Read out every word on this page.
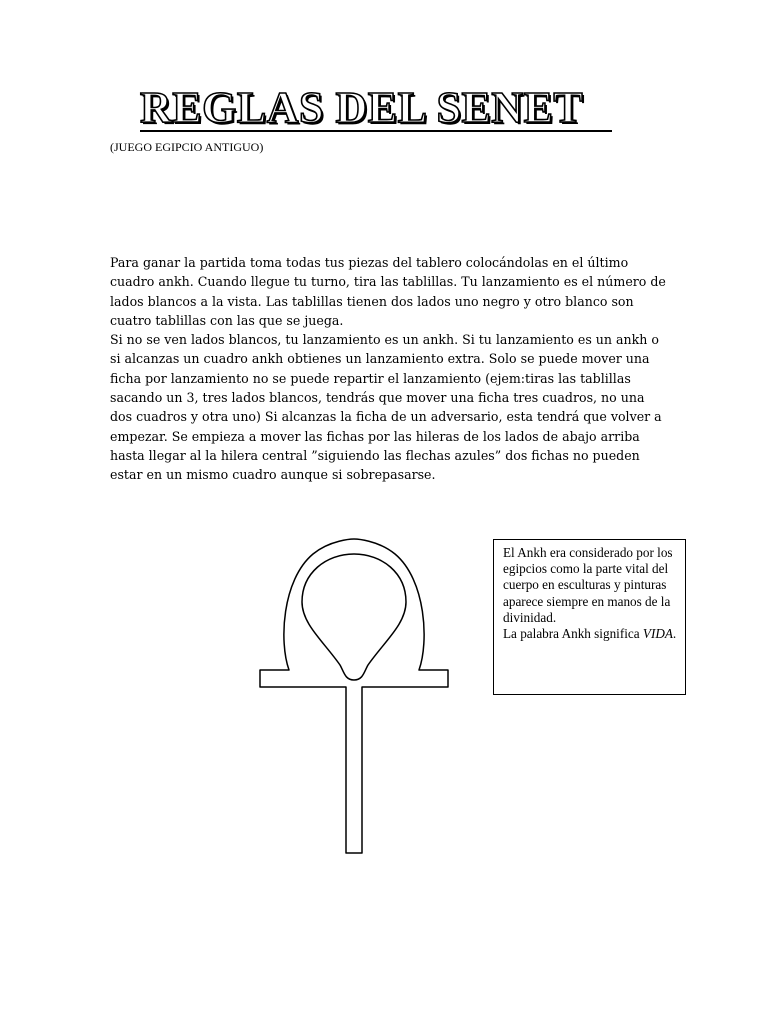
REGLAS DEL SENET
(JUEGO EGIPCIO ANTIGUO)

Para ganar la partida toma todas tus piezas del tablero colocándolas en el último cuadro ankh. Cuando llegue tu turno, tira las tablillas. Tu lanzamiento es el número de lados blancos a la vista. Las tablillas tienen dos lados uno negro y otro blanco son cuatro tablillas con las que se juega.

Si no se ven lados blancos, tu lanzamiento es un ankh. Si tu lanzamiento es un ankh o si alcanzas un cuadro ankh obtienes un lanzamiento extra. Solo se puede mover una ficha por lanzamiento no se puede repartir el lanzamiento (ejem:tiras las tablillas sacando un 3, tres lados blancos, tendrás que mover una ficha tres cuadros, no una dos cuadros y otra uno) Si alcanzas la ficha de un adversario, esta tendrá que volver a empezar. Se empieza a mover las fichas por las hileras de los lados de abajo arriba hasta llegar al la hilera central ”siguiendo las flechas azules” dos fichas no pueden estar en un mismo cuadro aunque si sobrepasarse.

El Ankh era considerado por los egipcios como la parte vital del cuerpo en esculturas y pinturas aparece siempre en manos de la divinidad.

La palabra Ankh significa VIDA.
